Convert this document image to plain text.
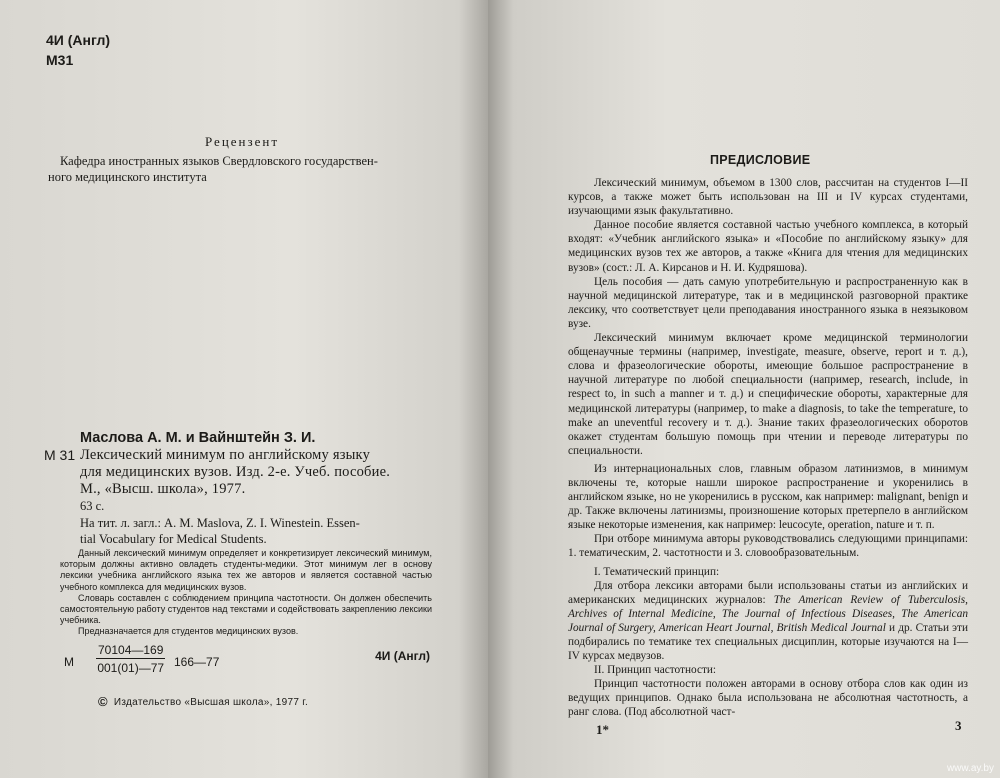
4И (Англ)
М31
Рецензент
Кафедра иностранных языков Свердловского государствен-
ного медицинского института
Маслова А. М. и Вайнштейн З. И.
М 31 Лексический минимум по английскому языку
для медицинских вузов. Изд. 2-е. Учеб. пособие.
М., «Высш. школа», 1977.
63 с.
На тит. л. загл.: A. M. Maslova, Z. I. Winestein. Essen-
tial Vocabulary for Medical Students.

Данный лексический минимум определяет и конкретизирует лексический минимум, которым должны активно овладеть студенты-медики. Этот минимум лег в основу лексики учебника английского языка тех же авторов и является составной частью учебного комплекса для медицинских вузов.

Словарь составлен с соблюдением принципа частотности. Он должен обеспечить самостоятельную работу студентов над текстами и содействовать закреплению лексики учебника.

Предназначается для студентов медицинских вузов.

М $\frac{70104—169}{001(01)—77}$ 166—77	4И (Англ)
© Издательство «Высшая школа», 1977 г.
ПРЕДИСЛОВИЕ

Лексический минимум, объемом в 1300 слов, рассчитан на студентов I—II курсов, а также может быть использован на III и IV курсах студентами, изучающими язык факультативно.

Данное пособие является составной частью учебного комплекса, в который входят: «Учебник английского языка» и «Пособие по английскому языку» для медицинских вузов тех же авторов, а также «Книга для чтения для медицинских вузов» (сост.: Л. А. Кирсанов и Н. И. Кудряшова).

Цель пособия — дать самую употребительную и распространенную как в научной медицинской литературе, так и в медицинской разговорной практике лексику, что соответствует цели преподавания иностранного языка в неязыковом вузе.

Лексический минимум включает кроме медицинской терминологии общенаучные термины (например, investigate, measure, observe, report и т. д.), слова и фразеологические обороты, имеющие большое распространение в научной литературе по любой специальности (например, research, include, in respect to, in such a manner и т. д.) и специфические обороты, характерные для медицинской литературы (например, to make a diagnosis, to take the temperature, to make an uneventful recovery и т. д.). Знание таких фразеологических оборотов окажет студентам большую помощь при чтении и переводе литературы по специальности.

Из интернациональных слов, главным образом латинизмов, в минимум включены те, которые нашли широкое распространение и укоренились в английском языке, но не укоренились в русском, как например: malignant, benign и др. Также включены латинизмы, произношение которых претерпело в английском языке некоторые изменения, как например: leucocyte, operation, nature и т. п.

При отборе минимума авторы руководствовались следующими принципами: 1. тематическим, 2. частотности и 3. словообразовательным.

I. Тематический принцип:

Для отбора лексики авторами были использованы статьи из английских и американских медицинских журналов: The American Review of Tuberculosis, Archives of Internal Medicine, The Journal of Infectious Diseases, The American Journal of Surgery, American Heart Journal, British Medical Journal и др. Статьи эти подбирались по тематике тех специальных дисциплин, которые изучаются на I—IV курсах медвузов.

II. Принцип частотности:

Принцип частотности положен авторами в основу отбора слов как один из ведущих принципов. Однако была использована не абсолютная частотность, а ранг слова. (Под абсолютной част-

1*	3
www.ay.by
